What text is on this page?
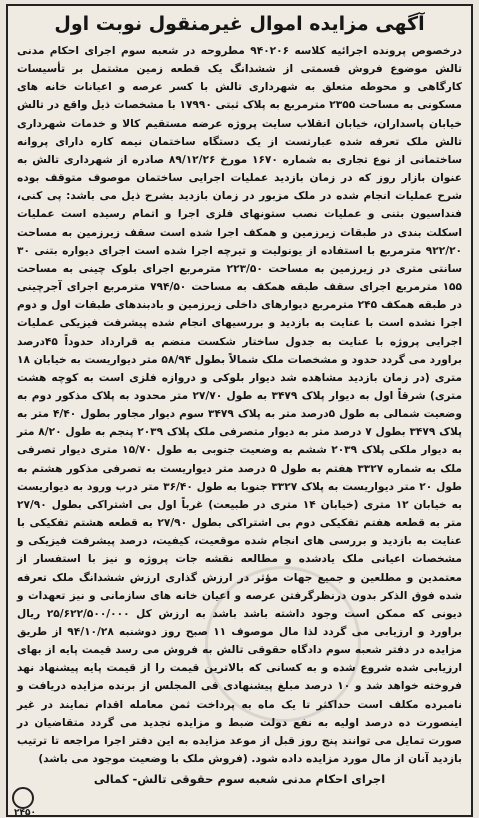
آگهی مزایده اموال غیرمنقول نوبت اول

درخصوص پرونده اجرائیه کلاسه ۹۴۰۲۰۶ مطروحه در شعبه سوم اجرای احکام مدنی تالش موضوع فروش قسمتی از ششدانگ یک قطعه زمین مشتمل بر تأسیسات کارگاهی و محوطه متعلق به شهرداری تالش با کسر عرصه و اعیانات خانه های مسکونی به مساحت ۲۳۵۵ مترمربع به پلاک ثبتی ۱۷۹۹۰ با مشخصات ذیل واقع در تالش خیابان پاسداران، خیابان انقلاب سایت پروژه عرضه مستقیم کالا و خدمات شهرداری تالش ملک تعرفه شده عبارتست از یک دستگاه ساختمان نیمه کاره دارای پروانه ساختمانی از نوع تجاری به شماره ۱۶۷۰ مورخ ۸۹/۱۲/۲۶ صادره از شهرداری تالش به عنوان بازار روز که در زمان بازدید عملیات اجرایی ساختمان موصوف متوقف بوده شرح عملیات انجام شده در ملک مزبور در زمان بازدید بشرح ذیل می باشد: پی کنی، فنداسیون بتنی و عملیات نصب ستونهای فلزی اجرا و اتمام رسیده است عملیات اسکلت بندی در طبقات زیرزمین و همکف اجرا شده است سقف زیرزمین به مساحت ۹۲۲/۲۰ مترمربع با استفاده از یونولیت و تیرچه اجرا شده است اجرای دیواره بتنی ۳۰ سانتی متری در زیرزمین به مساحت ۲۲۳/۵۰ مترمربع اجرای بلوک چینی به مساحت ۱۵۵ مترمربع اجرای سقف طبقه همکف به مساحت ۷۹۴/۵۰ مترمربع اجرای آجرچینی در طبقه همکف ۲۴۵ مترمربع دیوارهای داخلی زیرزمین و بادبندهای طبقات اول و دوم اجرا نشده است با عنایت به بازدید و بررسیهای انجام شده پیشرفت فیزیکی عملیات اجرایی پروژه با عنایت به جدول ساختار شکست منضم به قرارداد حدوداً ۴۵درصد براورد می گردد حدود و مشخصات ملک شمالاً بطول ۵۸/۹۴ متر دیواریست به خیابان ۱۸ متری (در زمان بازدید مشاهده شد دیوار بلوکی و دروازه فلزی است به کوچه هشت متری) شرقاً اول به دیوار پلاک ۳۴۷۹ به طول ۲۷/۷۰ متر محدود به پلاک مذکور دوم به وضعیت شمالی به طول ۵درصد متر به پلاک ۳۴۷۹ سوم دیوار مجاور بطول ۴/۴۰ متر به پلاک ۳۴۷۹ بطول ۷ درصد متر به دیوار متصرفی ملک پلاک ۲۰۳۹ پنجم به طول ۸/۲۰ متر به دیوار ملکی پلاک ۲۰۳۹ ششم به وضعیت جنوبی به طول ۱۵/۷۰ متری دیوار تصرفی ملک به شماره ۳۳۲۷ هفتم به طول ۵ درصد متر دیواریست به تصرفی مذکور هشتم به طول ۲۰ متر دیواریست به پلاک ۳۳۲۷ جنوبا به طول ۳۶/۴۰ متر درب ورود به دیواریست به خیابان ۱۲ متری (خیابان ۱۴ متری در طبیعت) غرباً اول بی اشتراکی بطول ۲۷/۹۰ متر به قطعه هفتم تفکیکی دوم بی اشتراکی بطول ۲۷/۹۰ به قطعه هشتم تفکیکی با عنایت به بازدید و بررسی های انجام شده موقعیت، کیفیت، درصد پیشرفت فیزیکی و مشخصات اعیانی ملک یادشده و مطالعه نقشه جات پروژه و نیز با استفسار از معتمدین و مطلعین و جمیع جهات مؤثر در ارزش گذاری ارزش ششدانگ ملک تعرفه شده فوق الذکر بدون درنظرگرفتن عرصه و اعیان خانه های سازمانی و نیز تعهدات و دیونی که ممکن است وجود داشته باشد باشد به ارزش کل ۲۵/۶۲۲/۵۰۰/۰۰۰ ریال براورد و ارزیابی می گردد لذا مال موصوف ۱۱ صبح روز دوشنبه ۹۴/۱۰/۲۸ از طریق مزایده در دفتر شعبه سوم دادگاه حقوقی تالش به فروش می رسد قیمت پایه از بهای ارزیابی شده شروع شده و به کسانی که بالاترین قیمت را از قیمت پایه پیشنهاد نهد فروخته خواهد شد و ۱۰ درصد مبلغ پیشنهادی فی المجلس از برنده مزایده دریافت و نامبرده مکلف است حداکثر تا یک ماه به پرداخت ثمن معامله اقدام نمایند در غیر اینصورت ده درصد اولیه به نفع دولت ضبط و مزایده تجدید می گردد متقاضیان در صورت تمایل می توانند پنج روز قبل از موعد مزایده به این دفتر اجرا مراجعه تا ترتیب بازدید آنان از مال مورد مزایده داده شود. (فروش ملک با وضعیت موجود می باشد)

اجرای احکام مدنی شعبه سوم حقوقی تالش- کمالی
۲۴۵۰
